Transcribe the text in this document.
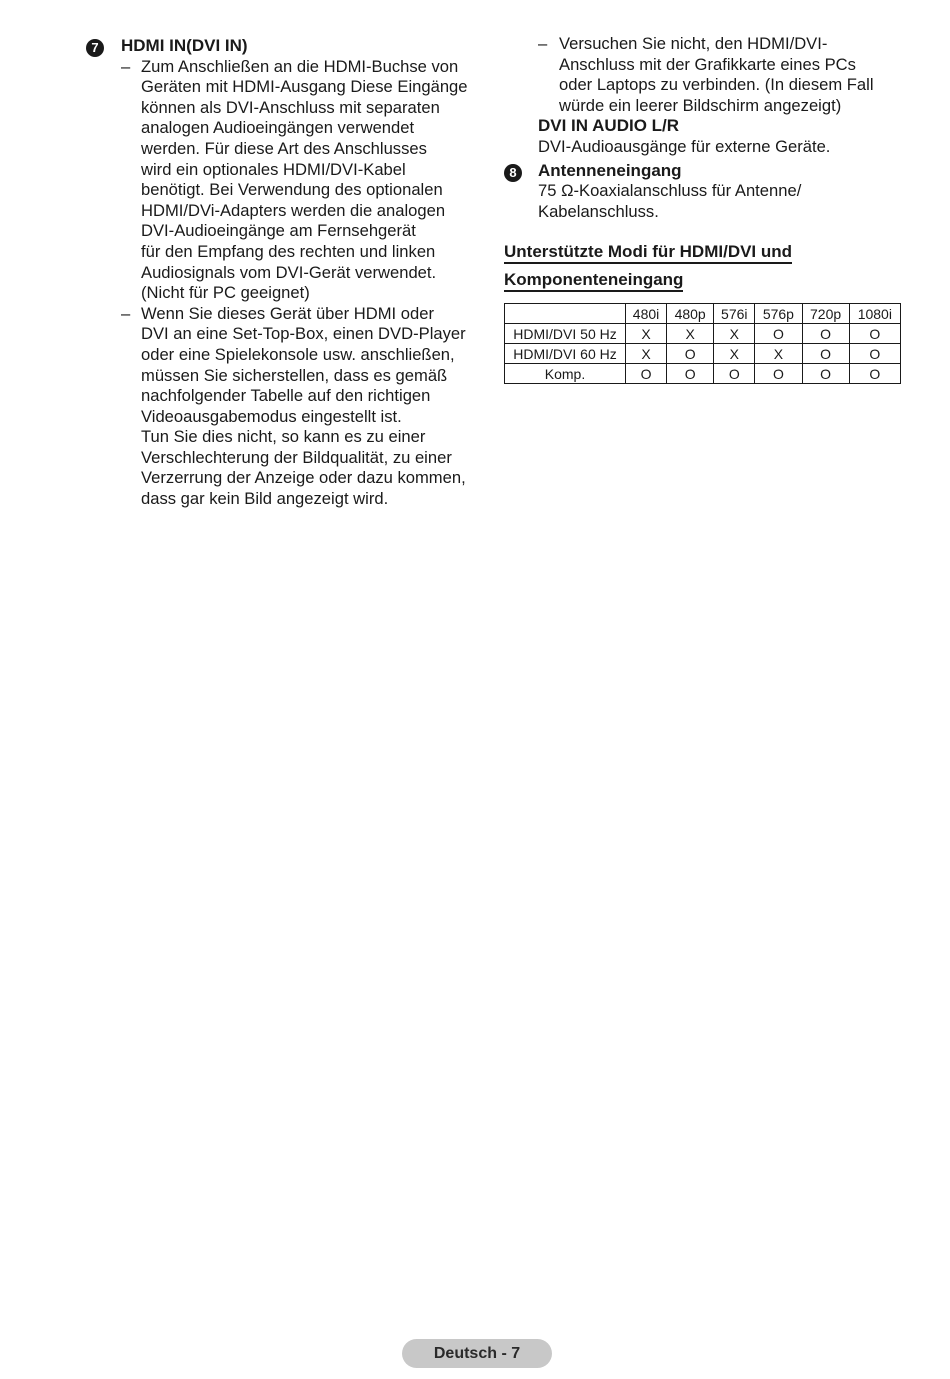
7	HDMI IN(DVI IN)
– Zum Anschließen an die HDMI-Buchse von

Geräten mit HDMI-Ausgang Diese Eingänge

können als DVI-Anschluss mit separaten

analogen Audioeingängen verwendet

werden. Für diese Art des Anschlusses

wird ein optionales HDMI/DVI-Kabel

benötigt. Bei Verwendung des optionalen

HDMI/DVi-Adapters werden die analogen

DVI-Audioeingänge am Fernsehgerät

für den Empfang des rechten und linken

Audiosignals vom DVI-Gerät verwendet.

(Nicht für PC geeignet)

– Wenn Sie dieses Gerät über HDMI oder

DVI an eine Set-Top-Box, einen DVD-Player

oder eine Spielekonsole usw. anschließen,

müssen Sie sicherstellen, dass es gemäß

nachfolgender Tabelle auf den richtigen

Videoausgabemodus eingestellt ist.

Tun Sie dies nicht, so kann es zu einer

Verschlechterung der Bildqualität, zu einer

Verzerrung der Anzeige oder dazu kommen,

dass gar kein Bild angezeigt wird.

– Versuchen Sie nicht, den HDMI/DVI-
Anschluss mit der Grafikkarte eines PCs
oder Laptops zu verbinden. (In diesem Fall
würde ein leerer Bildschirm angezeigt)
DVI IN AUDIO L/R
DVI-Audioausgänge für externe Geräte.
8	Antenneneingang
75 Ω-Koaxialanschluss für Antenne/
Kabelanschluss.
Unterstützte Modi für HDMI/DVI und
Komponenteneingang
	480i	480p	576i	576p	720p	1080i
HDMI/DVI 50 Hz	X	X	X	O	O	O
HDMI/DVI 60 Hz	X	O	X	X	O	O
Komp.	O	O	O	O	O	O
Deutsch - 7
